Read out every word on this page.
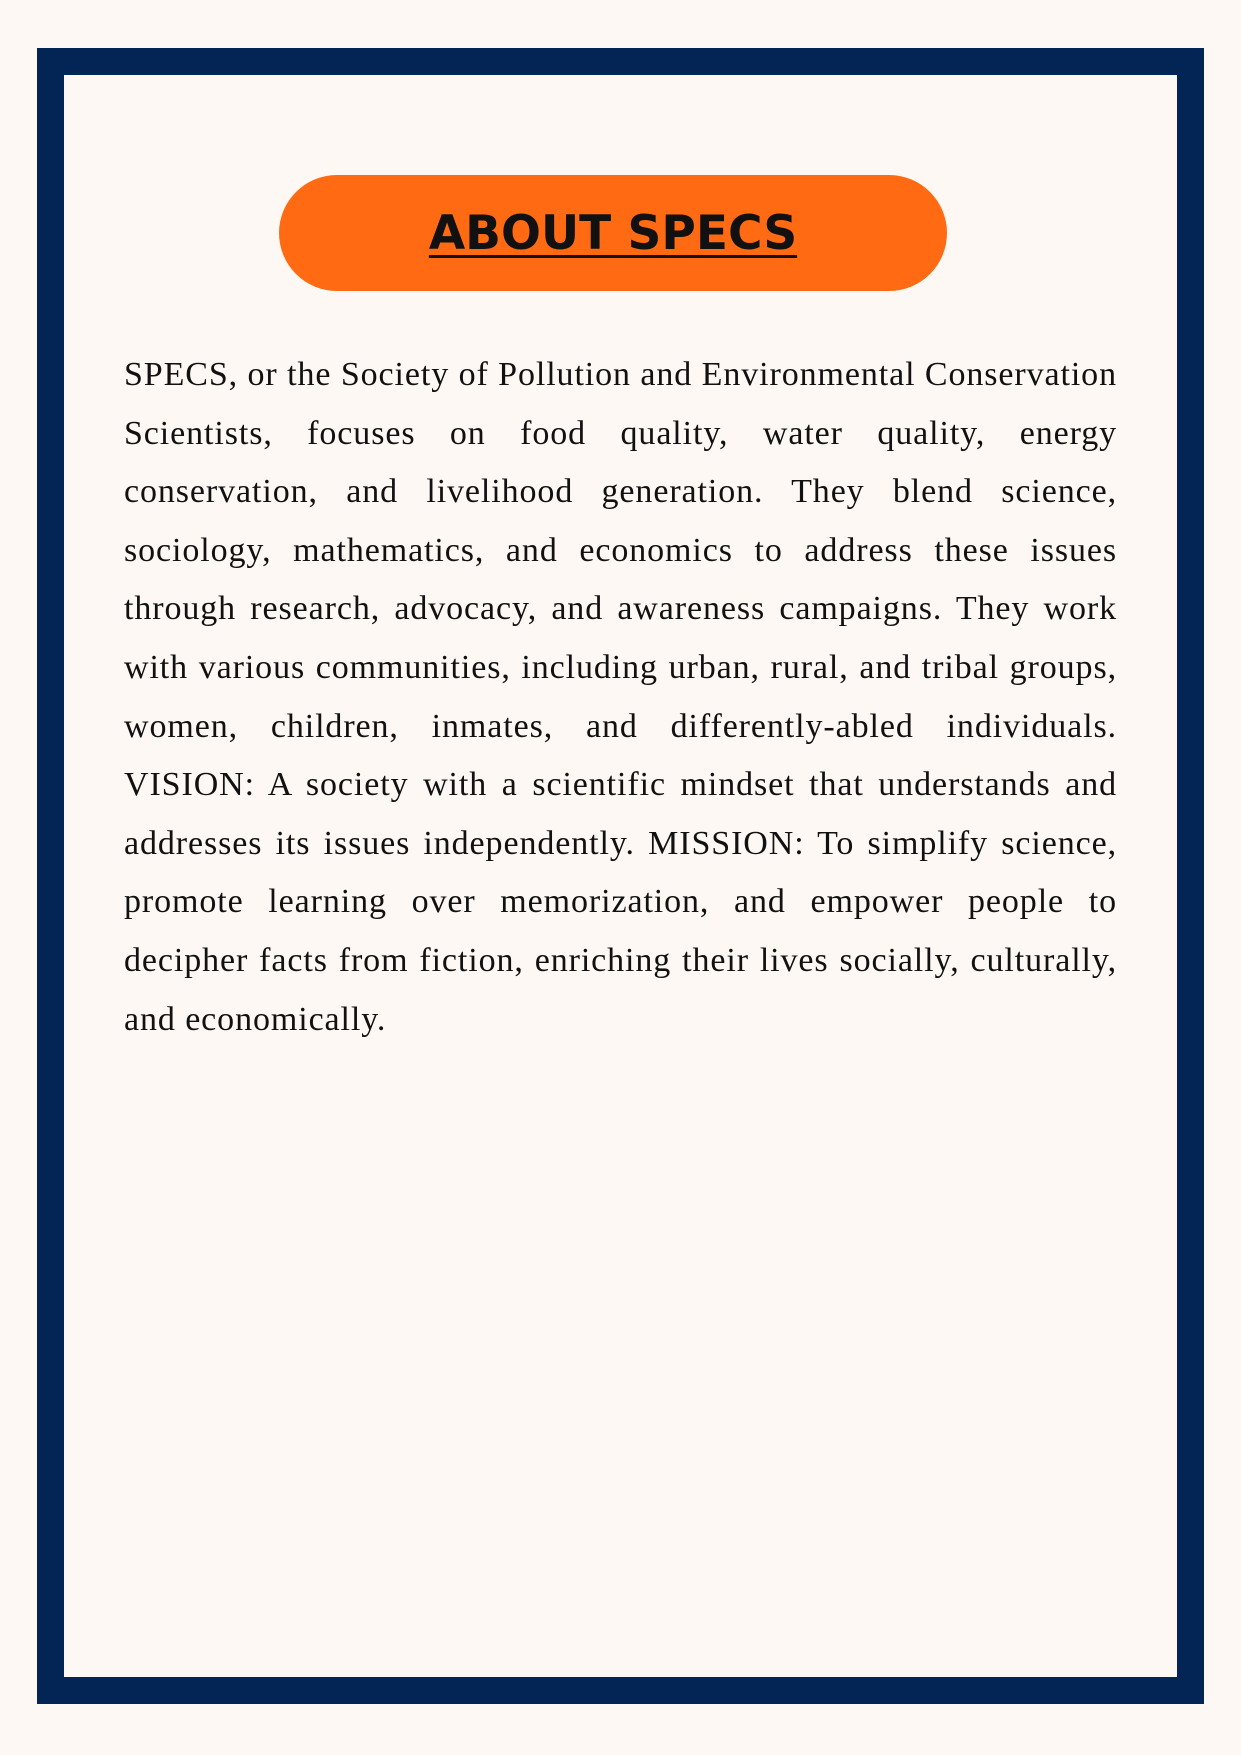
ABOUT SPECS

SPECS, or the Society of Pollution and Environmental Conservation Scientists, focuses on food quality, water quality, energy conservation, and livelihood generation. They blend science, sociology, mathematics, and economics to address these issues through research, advocacy, and awareness campaigns. They work with various communities, including urban, rural, and tribal groups, women, children, inmates, and differently-abled individuals. VISION: A society with a scientific mindset that understands and addresses its issues independently. MISSION: To simplify science, promote learning over memorization, and empower people to decipher facts from fiction, enriching their lives socially, culturally, and economically.
